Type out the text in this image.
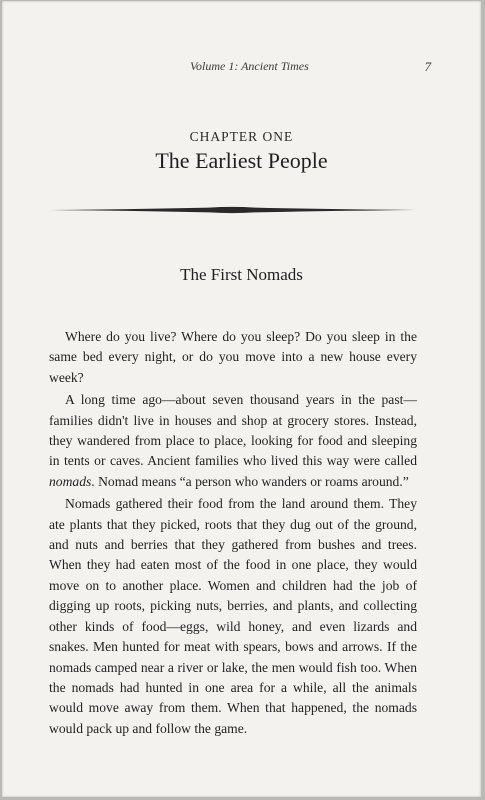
Volume 1: Ancient Times	7
CHAPTER ONE
The Earliest People
The First Nomads

Where do you live? Where do you sleep? Do you sleep in the same bed every night, or do you move into a new house every week?

A long time ago—about seven thousand years in the past—families didn't live in houses and shop at grocery stores. Instead, they wandered from place to place, looking for food and sleeping in tents or caves. Ancient families who lived this way were called nomads. Nomad means “a person who wanders or roams around.”

Nomads gathered their food from the land around them. They ate plants that they picked, roots that they dug out of the ground, and nuts and berries that they gathered from bushes and trees. When they had eaten most of the food in one place, they would move on to another place. Women and children had the job of digging up roots, picking nuts, berries, and plants, and collecting other kinds of food—eggs, wild honey, and even lizards and snakes. Men hunted for meat with spears, bows and arrows. If the nomads camped near a river or lake, the men would fish too. When the nomads had hunted in one area for a while, all the animals would move away from them. When that happened, the nomads would pack up and follow the game.
